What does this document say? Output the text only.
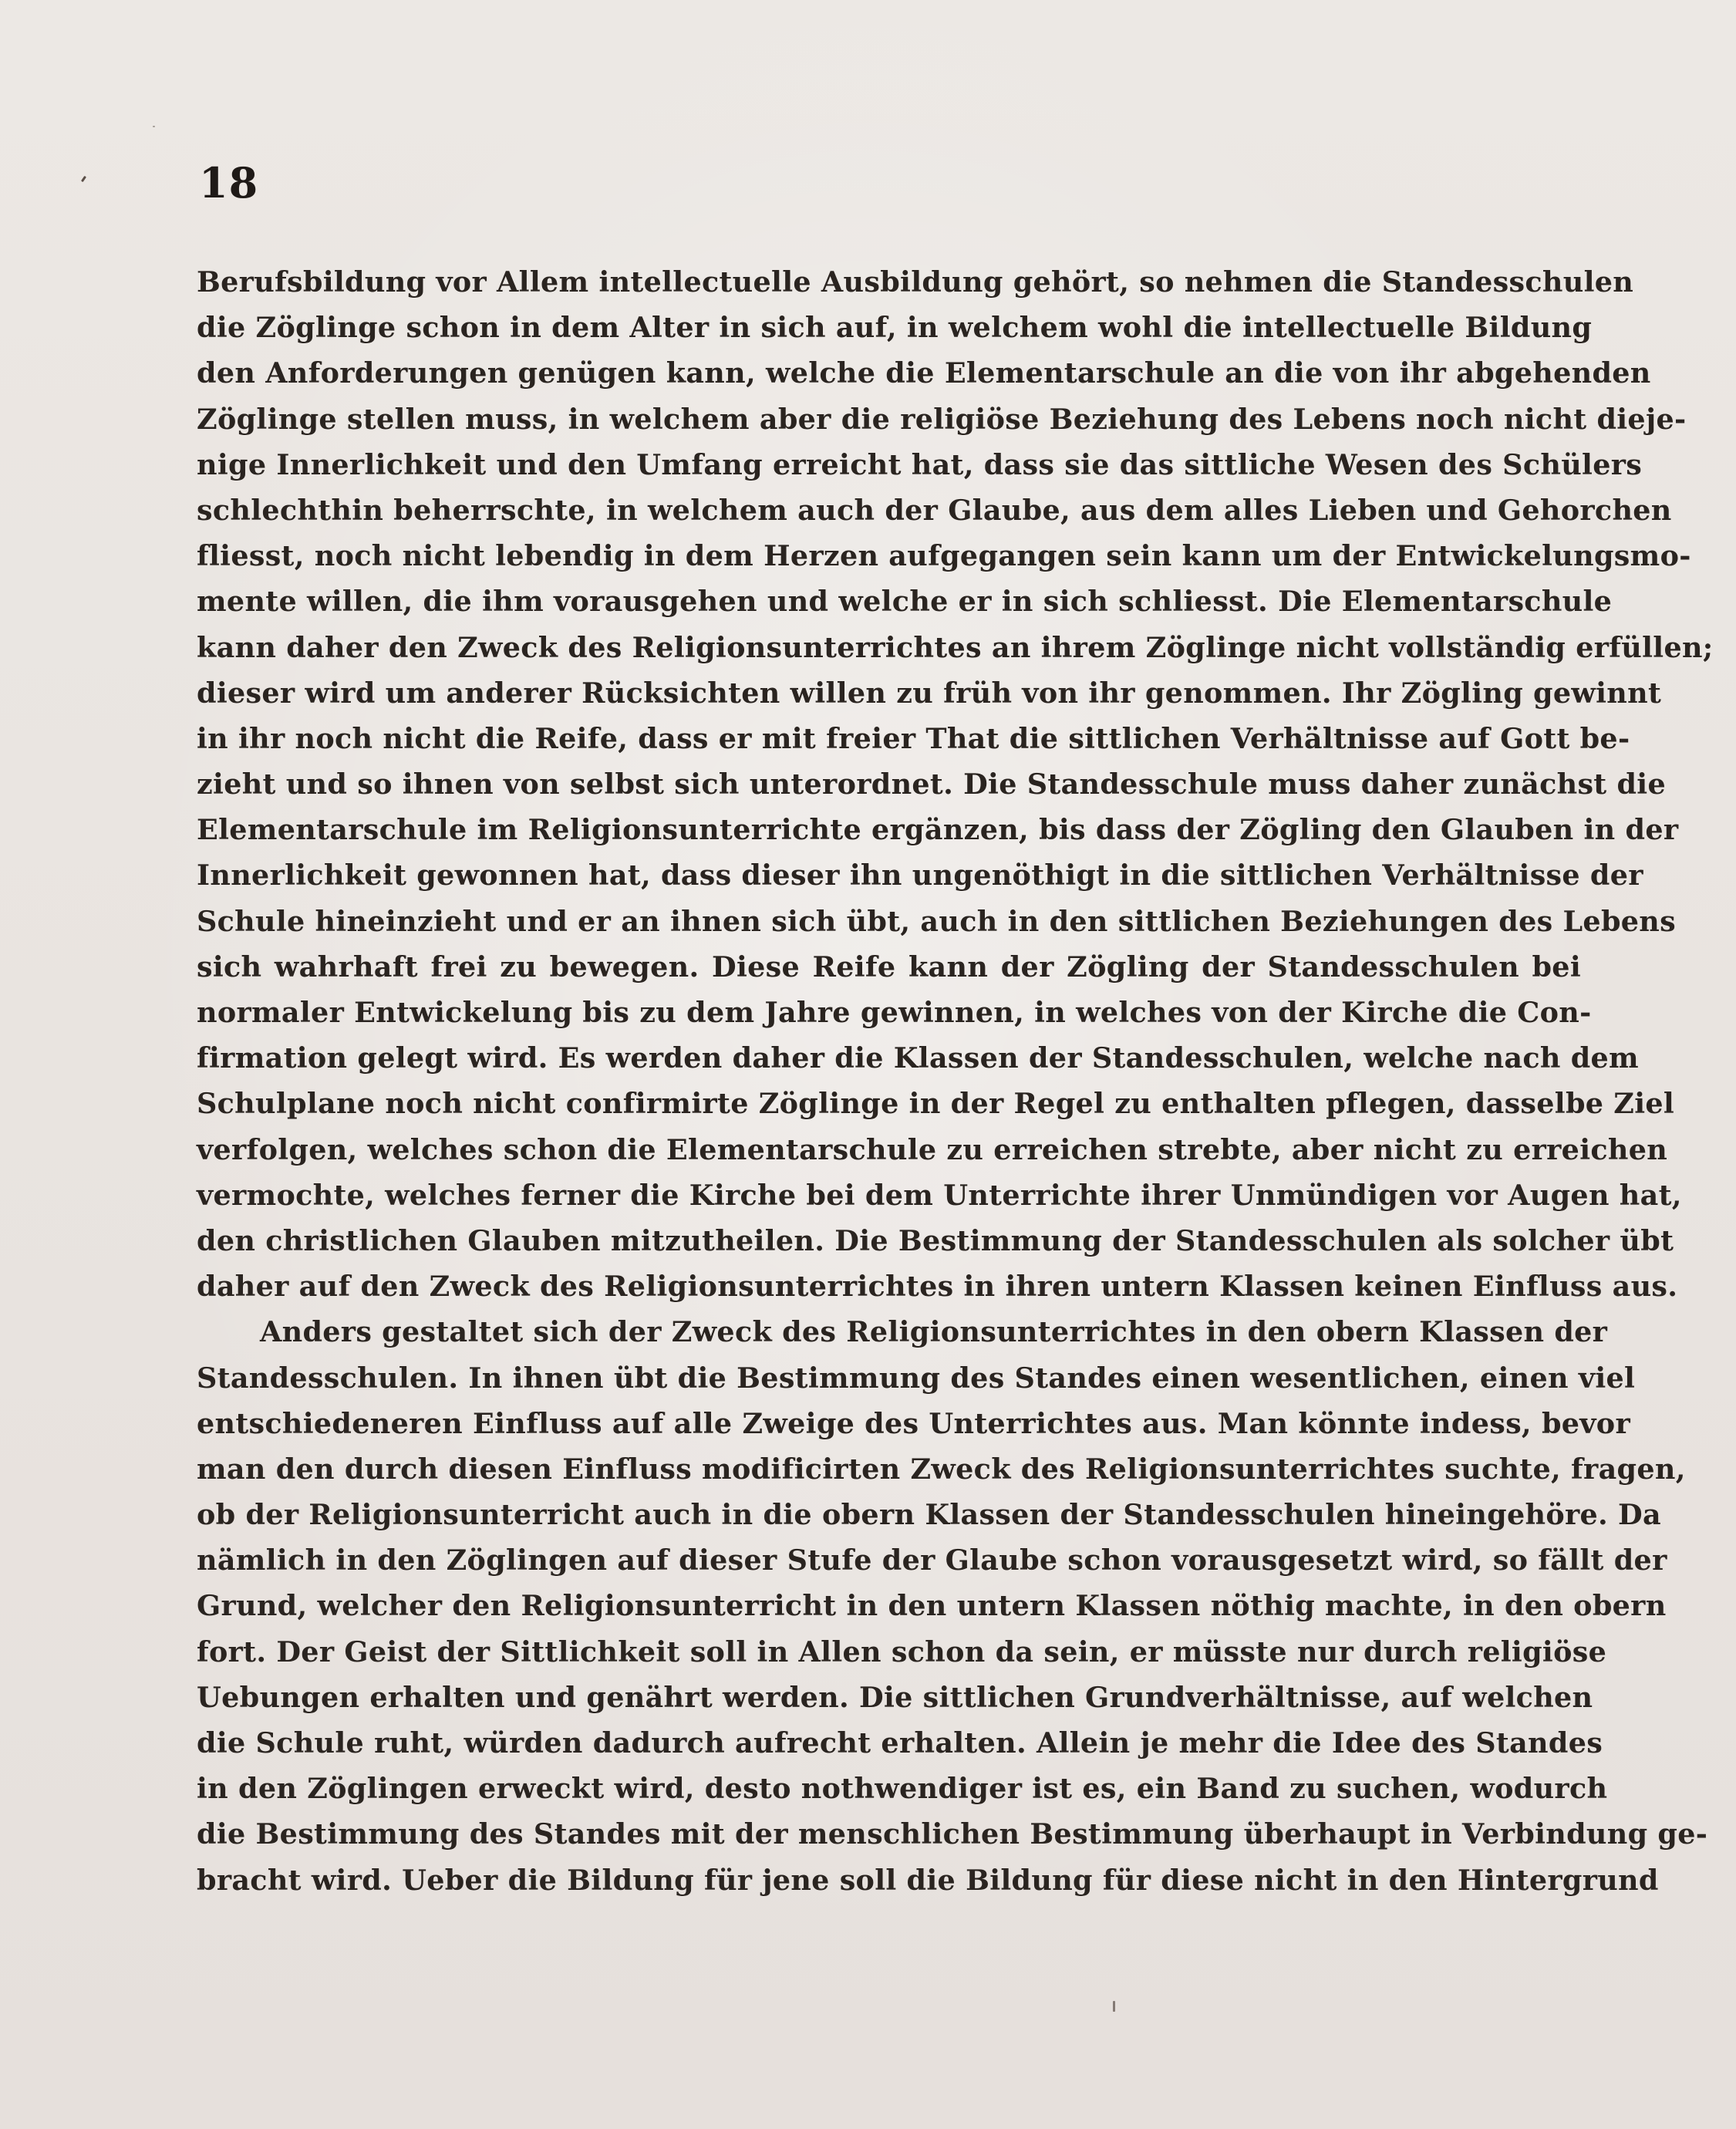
18
Berufsbildung vor Allem intellectuelle Ausbildung gehört, so nehmen die Standesschulen
die Zöglinge schon in dem Alter in sich auf, in welchem wohl die intellectuelle Bildung
den Anforderungen genügen kann, welche die Elementarschule an die von ihr abgehenden
Zöglinge stellen muss, in welchem aber die religiöse Beziehung des Lebens noch nicht dieje-
nige Innerlichkeit und den Umfang erreicht hat, dass sie das sittliche Wesen des Schülers
schlechthin beherrschte, in welchem auch der Glaube, aus dem alles Lieben und Gehorchen
fliesst, noch nicht lebendig in dem Herzen aufgegangen sein kann um der Entwickelungsmo-
mente willen, die ihm vorausgehen und welche er in sich schliesst. Die Elementarschule
kann daher den Zweck des Religionsunterrichtes an ihrem Zöglinge nicht vollständig erfüllen;
dieser wird um anderer Rücksichten willen zu früh von ihr genommen. Ihr Zögling gewinnt
in ihr noch nicht die Reife, dass er mit freier That die sittlichen Verhältnisse auf Gott be-
zieht und so ihnen von selbst sich unterordnet. Die Standesschule muss daher zunächst die
Elementarschule im Religionsunterrichte ergänzen, bis dass der Zögling den Glauben in der
Innerlichkeit gewonnen hat, dass dieser ihn ungenöthigt in die sittlichen Verhältnisse der
Schule hineinzieht und er an ihnen sich übt, auch in den sittlichen Beziehungen des Lebens
sich wahrhaft frei zu bewegen. Diese Reife kann der Zögling der Standesschulen bei
normaler Entwickelung bis zu dem Jahre gewinnen, in welches von der Kirche die Con-
firmation gelegt wird. Es werden daher die Klassen der Standesschulen, welche nach dem
Schulplane noch nicht confirmirte Zöglinge in der Regel zu enthalten pflegen, dasselbe Ziel
verfolgen, welches schon die Elementarschule zu erreichen strebte, aber nicht zu erreichen
vermochte, welches ferner die Kirche bei dem Unterrichte ihrer Unmündigen vor Augen hat,
den christlichen Glauben mitzutheilen. Die Bestimmung der Standesschulen als solcher übt
daher auf den Zweck des Religionsunterrichtes in ihren untern Klassen keinen Einfluss aus.
Anders gestaltet sich der Zweck des Religionsunterrichtes in den obern Klassen der
Standesschulen. In ihnen übt die Bestimmung des Standes einen wesentlichen, einen viel
entschiedeneren Einfluss auf alle Zweige des Unterrichtes aus. Man könnte indess, bevor
man den durch diesen Einfluss modificirten Zweck des Religionsunterrichtes suchte, fragen,
ob der Religionsunterricht auch in die obern Klassen der Standesschulen hineingehöre. Da
nämlich in den Zöglingen auf dieser Stufe der Glaube schon vorausgesetzt wird, so fällt der
Grund, welcher den Religionsunterricht in den untern Klassen nöthig machte, in den obern
fort. Der Geist der Sittlichkeit soll in Allen schon da sein, er müsste nur durch religiöse
Uebungen erhalten und genährt werden. Die sittlichen Grundverhältnisse, auf welchen
die Schule ruht, würden dadurch aufrecht erhalten. Allein je mehr die Idee des Standes
in den Zöglingen erweckt wird, desto nothwendiger ist es, ein Band zu suchen, wodurch
die Bestimmung des Standes mit der menschlichen Bestimmung überhaupt in Verbindung ge-
bracht wird. Ueber die Bildung für jene soll die Bildung für diese nicht in den Hintergrund
